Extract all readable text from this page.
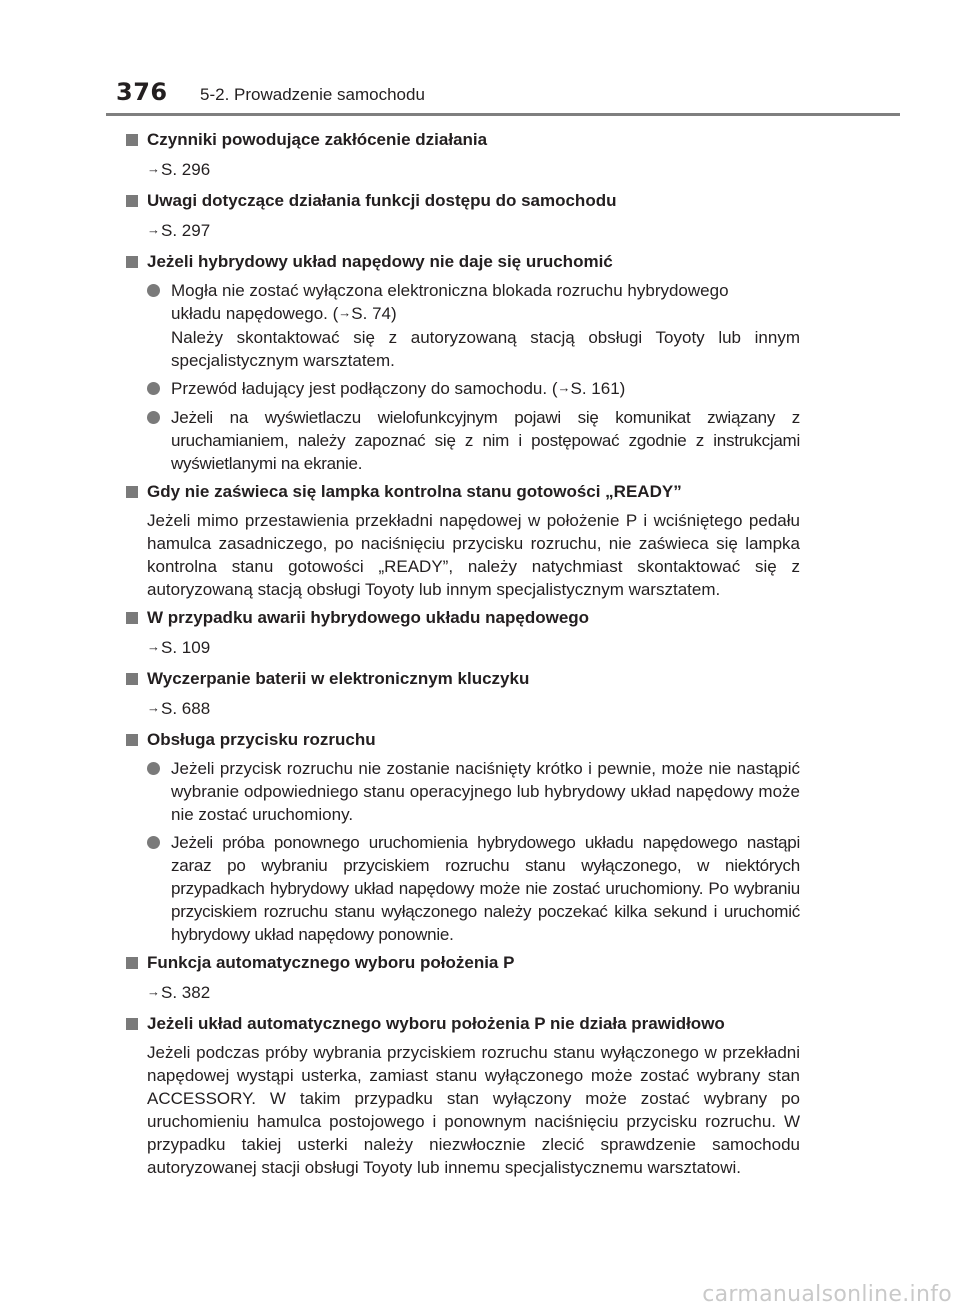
376 5-2. Prowadzenie samochodu
Czynniki powodujące zakłócenie działania
→S. 296
Uwagi dotyczące działania funkcji dostępu do samochodu
→S. 297
Jeżeli hybrydowy układ napędowy nie daje się uruchomić
Mogła nie zostać wyłączona elektroniczna blokada rozruchu hybrydowego
układu napędowego. (→S. 74)
Należy skontaktować się z autoryzowaną stacją obsługi Toyoty lub innym specjalistycznym warsztatem.
Przewód ładujący jest podłączony do samochodu. (→S. 161)
Jeżeli na wyświetlaczu wielofunkcyjnym pojawi się komunikat związany z uruchamianiem, należy zapoznać się z nim i postępować zgodnie z instrukcjami wyświetlanymi na ekranie.
Gdy nie zaświeca się lampka kontrolna stanu gotowości „READY”
Jeżeli mimo przestawienia przekładni napędowej w położenie P i wciśniętego pedału hamulca zasadniczego, po naciśnięciu przycisku rozruchu, nie zaświeca się lampka kontrolna stanu gotowości „READY”, należy natychmiast skontaktować się z autoryzowaną stacją obsługi Toyoty lub innym specjalistycznym warsztatem.
W przypadku awarii hybrydowego układu napędowego
→S. 109
Wyczerpanie baterii w elektronicznym kluczyku
→S. 688
Obsługa przycisku rozruchu
Jeżeli przycisk rozruchu nie zostanie naciśnięty krótko i pewnie, może nie nastąpić wybranie odpowiedniego stanu operacyjnego lub hybrydowy układ napędowy może nie zostać uruchomiony.
Jeżeli próba ponownego uruchomienia hybrydowego układu napędowego nastąpi zaraz po wybraniu przyciskiem rozruchu stanu wyłączonego, w niektórych przypadkach hybrydowy układ napędowy może nie zostać uruchomiony. Po wybraniu przyciskiem rozruchu stanu wyłączonego należy poczekać kilka sekund i uruchomić hybrydowy układ napędowy ponownie.
Funkcja automatycznego wyboru położenia P
→S. 382
Jeżeli układ automatycznego wyboru położenia P nie działa prawidłowo
Jeżeli podczas próby wybrania przyciskiem rozruchu stanu wyłączonego w przekładni napędowej wystąpi usterka, zamiast stanu wyłączonego może zostać wybrany stan ACCESSORY. W takim przypadku stan wyłączony może zostać wybrany po uruchomieniu hamulca postojowego i ponownym naciśnięciu przycisku rozruchu. W przypadku takiej usterki należy niezwłocznie zlecić sprawdzenie samochodu autoryzowanej stacji obsługi Toyoty lub innemu specjalistycznemu warsztatowi.
carmanualsonline.info
